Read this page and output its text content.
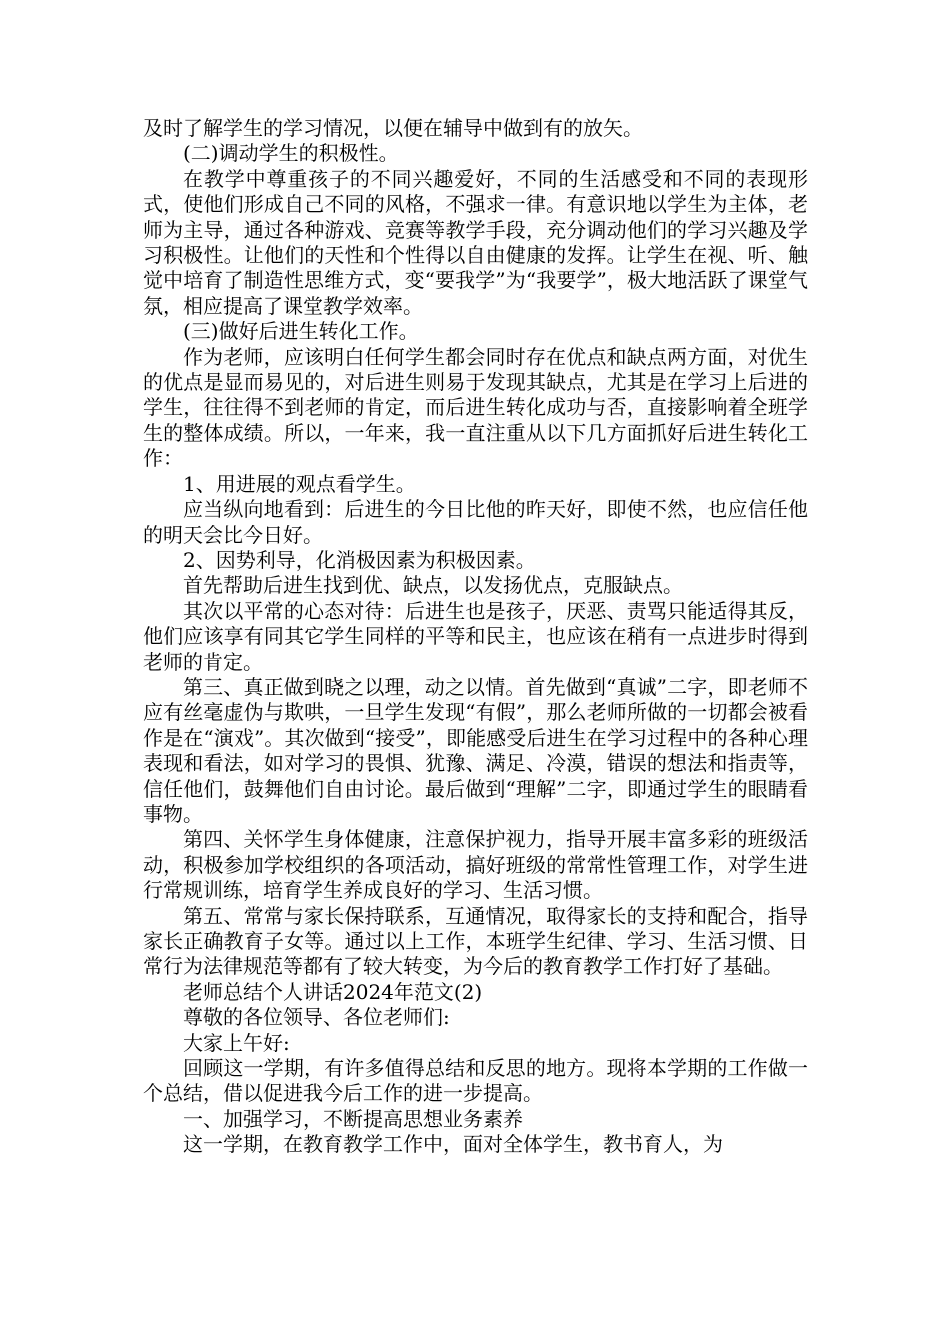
及时了解学生的学习情况，以便在辅导中做到有的放矢。

(二)调动学生的积极性。

在教学中尊重孩子的不同兴趣爱好，不同的生活感受和不同的表现形式，使他们形成自己不同的风格，不强求一律。有意识地以学生为主体，老师为主导，通过各种游戏、竞赛等教学手段，充分调动他们的学习兴趣及学习积极性。让他们的天性和个性得以自由健康的发挥。让学生在视、听、触觉中培育了制造性思维方式，变“要我学”为“我要学”，极大地活跃了课堂气氛，相应提高了课堂教学效率。

(三)做好后进生转化工作。

作为老师，应该明白任何学生都会同时存在优点和缺点两方面，对优生的优点是显而易见的，对后进生则易于发现其缺点，尤其是在学习上后进的学生，往往得不到老师的肯定，而后进生转化成功与否，直接影响着全班学生的整体成绩。所以，一年来，我一直注重从以下几方面抓好后进生转化工作：

1、用进展的观点看学生。

应当纵向地看到：后进生的今日比他的昨天好，即使不然，也应信任他的明天会比今日好。

2、因势利导，化消极因素为积极因素。

首先帮助后进生找到优、缺点，以发扬优点，克服缺点。

其次以平常的心态对待：后进生也是孩子，厌恶、责骂只能适得其反，他们应该享有同其它学生同样的平等和民主，也应该在稍有一点进步时得到老师的肯定。

第三、真正做到晓之以理，动之以情。首先做到“真诚”二字，即老师不应有丝毫虚伪与欺哄，一旦学生发现“有假”，那么老师所做的一切都会被看作是在“演戏”。其次做到“接受”，即能感受后进生在学习过程中的各种心理表现和看法，如对学习的畏惧、犹豫、满足、冷漠，错误的想法和指责等，信任他们，鼓舞他们自由讨论。最后做到“理解”二字，即通过学生的眼睛看事物。

第四、关怀学生身体健康，注意保护视力，指导开展丰富多彩的班级活动，积极参加学校组织的各项活动，搞好班级的常常性管理工作，对学生进行常规训练，培育学生养成良好的学习、生活习惯。

第五、常常与家长保持联系，互通情况，取得家长的支持和配合，指导家长正确教育子女等。通过以上工作，本班学生纪律、学习、生活习惯、日常行为法律规范等都有了较大转变，为今后的教育教学工作打好了基础。

老师总结个人讲话2024年范文(2)

尊敬的各位领导、各位老师们:

大家上午好:

回顾这一学期，有许多值得总结和反思的地方。现将本学期的工作做一个总结，借以促进我今后工作的进一步提高。

一、加强学习，不断提高思想业务素养

这一学期，在教育教学工作中，面对全体学生，教书育人，为
